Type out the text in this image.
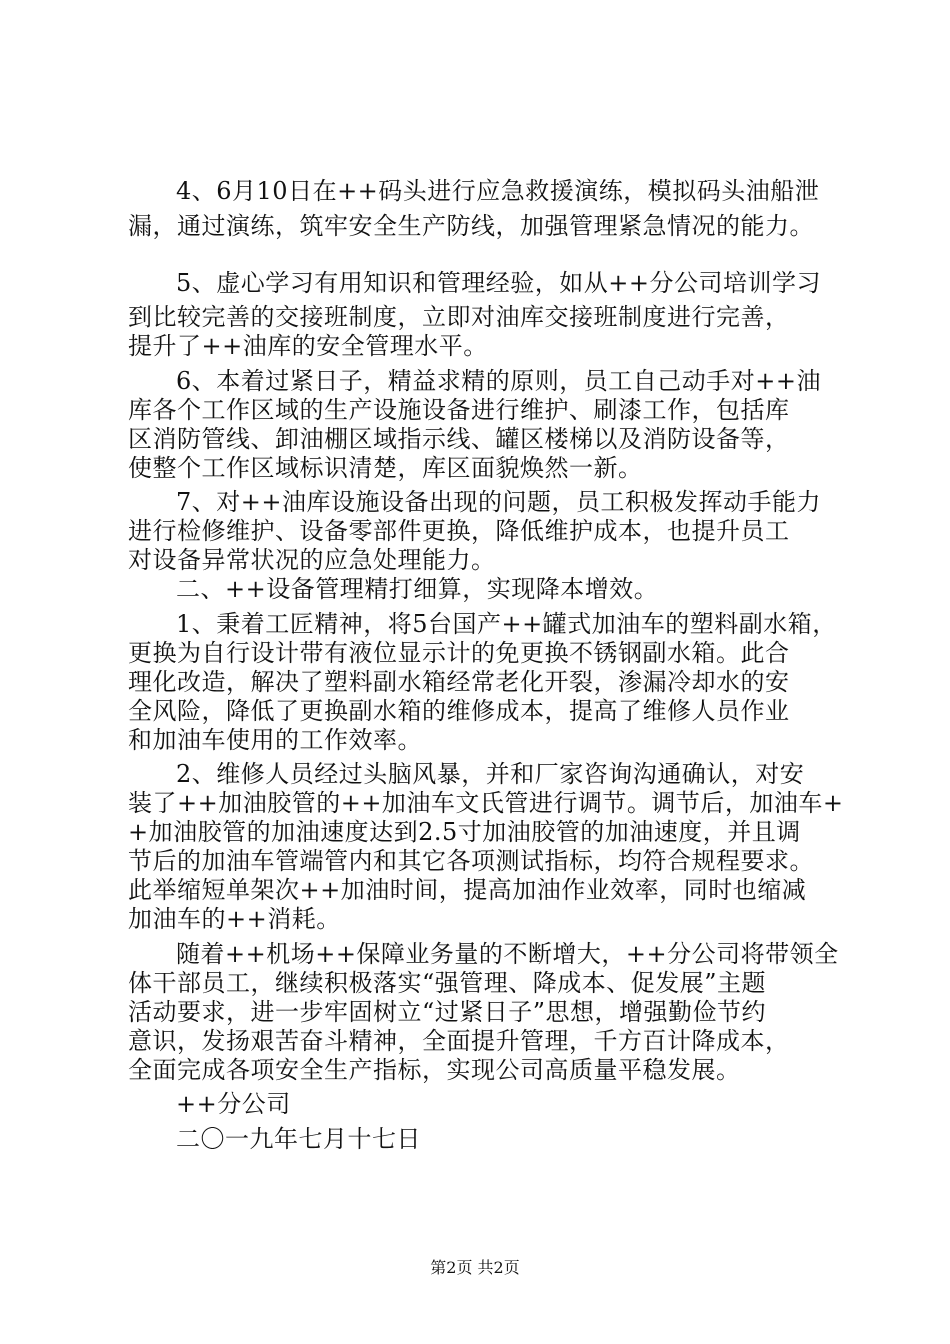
4、6月10日在++码头进行应急救援演练，模拟码头油船泄
漏，通过演练，筑牢安全生产防线，加强管理紧急情况的能力。
5、虚心学习有用知识和管理经验，如从++分公司培训学习
到比较完善的交接班制度，立即对油库交接班制度进行完善，
提升了++油库的安全管理水平。
6、本着过紧日子，精益求精的原则，员工自己动手对++油
库各个工作区域的生产设施设备进行维护、刷漆工作，包括库
区消防管线、卸油棚区域指示线、罐区楼梯以及消防设备等，
使整个工作区域标识清楚，库区面貌焕然一新。
7、对++油库设施设备出现的问题，员工积极发挥动手能力
进行检修维护、设备零部件更换，降低维护成本，也提升员工
对设备异常状况的应急处理能力。
二、++设备管理精打细算，实现降本增效。
1、秉着工匠精神，将5台国产++罐式加油车的塑料副水箱，
更换为自行设计带有液位显示计的免更换不锈钢副水箱。此合
理化改造，解决了塑料副水箱经常老化开裂，渗漏冷却水的安
全风险，降低了更换副水箱的维修成本，提高了维修人员作业
和加油车使用的工作效率。
2、维修人员经过头脑风暴，并和厂家咨询沟通确认，对安
装了++加油胶管的++加油车文氏管进行调节。调节后，加油车+
+加油胶管的加油速度达到2.5寸加油胶管的加油速度，并且调
节后的加油车管端管内和其它各项测试指标，均符合规程要求。
此举缩短单架次++加油时间，提高加油作业效率，同时也缩减
加油车的++消耗。
随着++机场++保障业务量的不断增大，++分公司将带领全
体干部员工，继续积极落实“强管理、降成本、促发展”主题
活动要求，进一步牢固树立“过紧日子”思想，增强勤俭节约
意识，发扬艰苦奋斗精神，全面提升管理，千方百计降成本，
全面完成各项安全生产指标，实现公司高质量平稳发展。
++分公司
二〇一九年七月十七日
第2页 共2页
